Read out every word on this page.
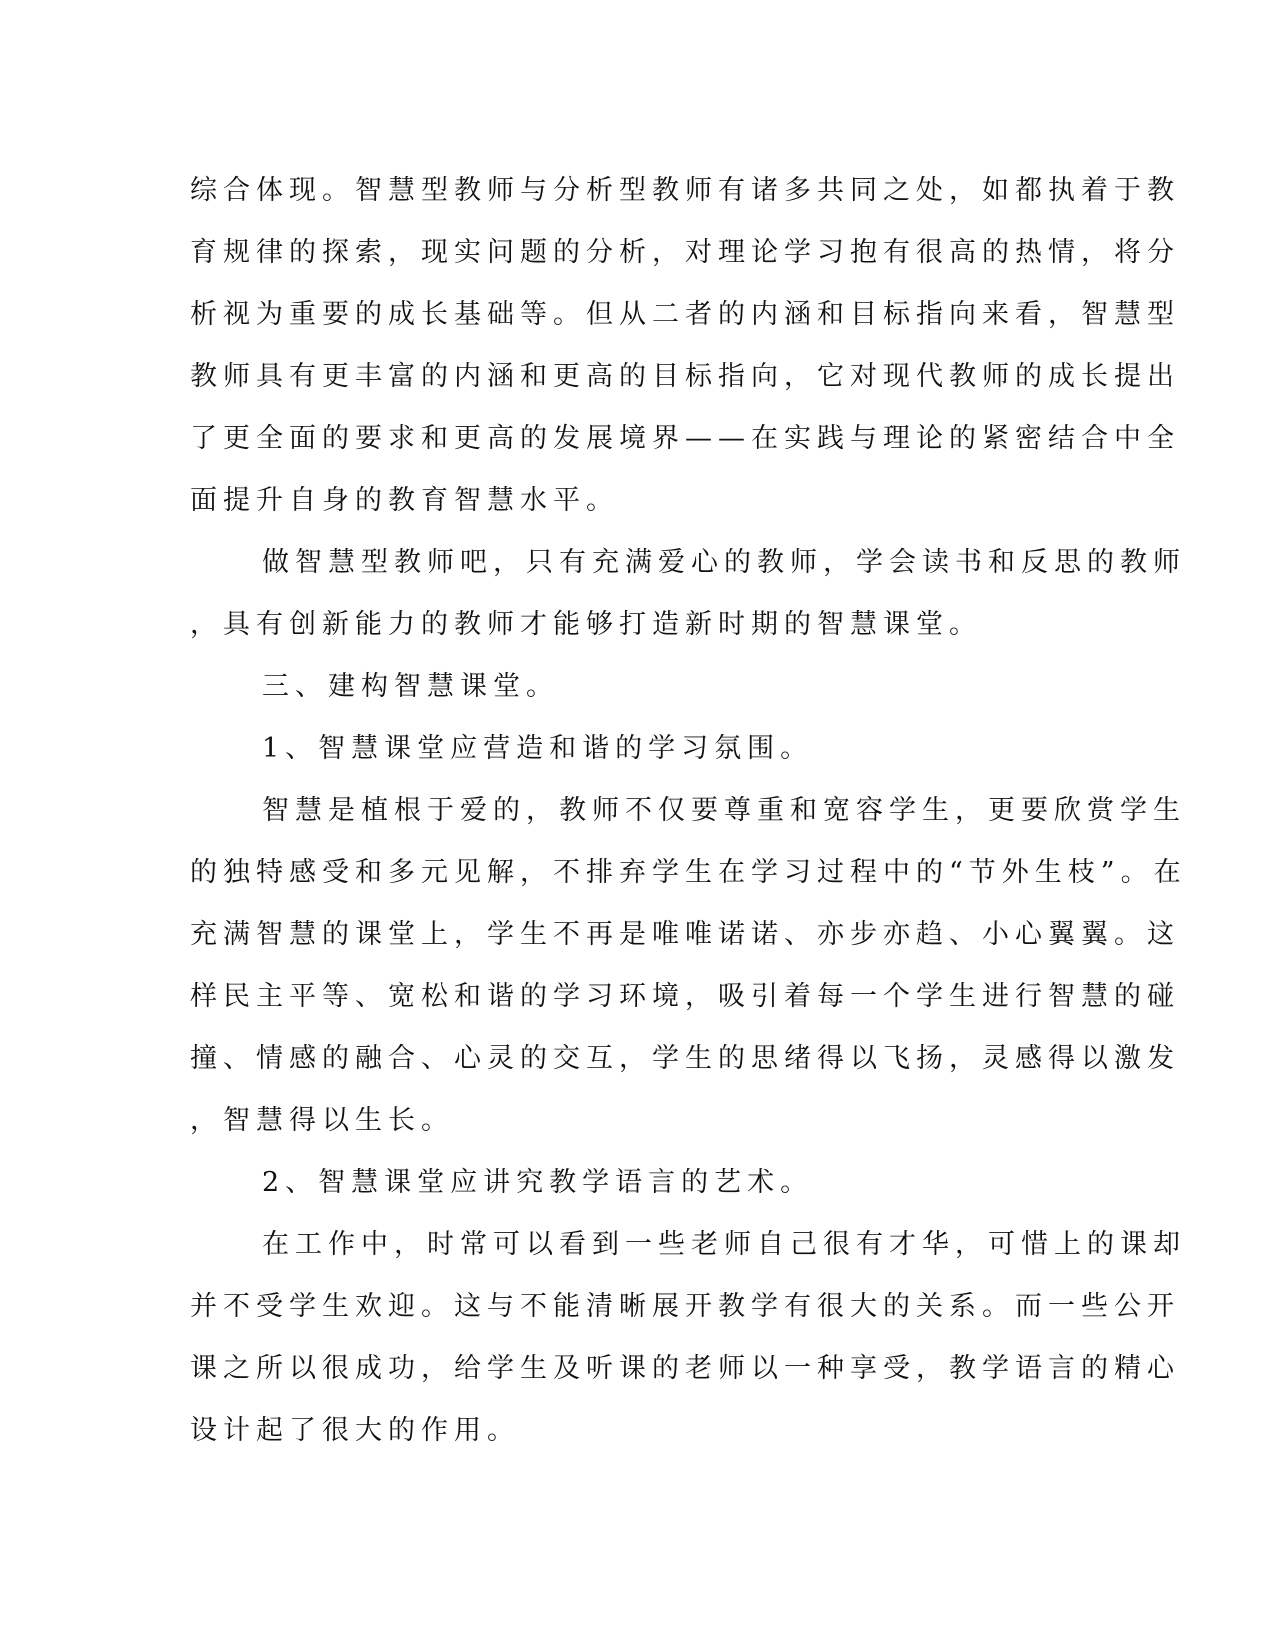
综合体现。智慧型教师与分析型教师有诸多共同之处，如都执着于教
育规律的探索，现实问题的分析，对理论学习抱有很高的热情，将分
析视为重要的成长基础等。但从二者的内涵和目标指向来看，智慧型
教师具有更丰富的内涵和更高的目标指向，它对现代教师的成长提出
了更全面的要求和更高的发展境界——在实践与理论的紧密结合中全
面提升自身的教育智慧水平。
做智慧型教师吧，只有充满爱心的教师，学会读书和反思的教师
，具有创新能力的教师才能够打造新时期的智慧课堂。
三、建构智慧课堂。
1、智慧课堂应营造和谐的学习氛围。
智慧是植根于爱的，教师不仅要尊重和宽容学生，更要欣赏学生
的独特感受和多元见解，不排弃学生在学习过程中的“节外生枝”。在
充满智慧的课堂上，学生不再是唯唯诺诺、亦步亦趋、小心翼翼。这
样民主平等、宽松和谐的学习环境，吸引着每一个学生进行智慧的碰
撞、情感的融合、心灵的交互，学生的思绪得以飞扬，灵感得以激发
，智慧得以生长。
2、智慧课堂应讲究教学语言的艺术。
在工作中，时常可以看到一些老师自己很有才华，可惜上的课却
并不受学生欢迎。这与不能清晰展开教学有很大的关系。而一些公开
课之所以很成功，给学生及听课的老师以一种享受，教学语言的精心
设计起了很大的作用。
